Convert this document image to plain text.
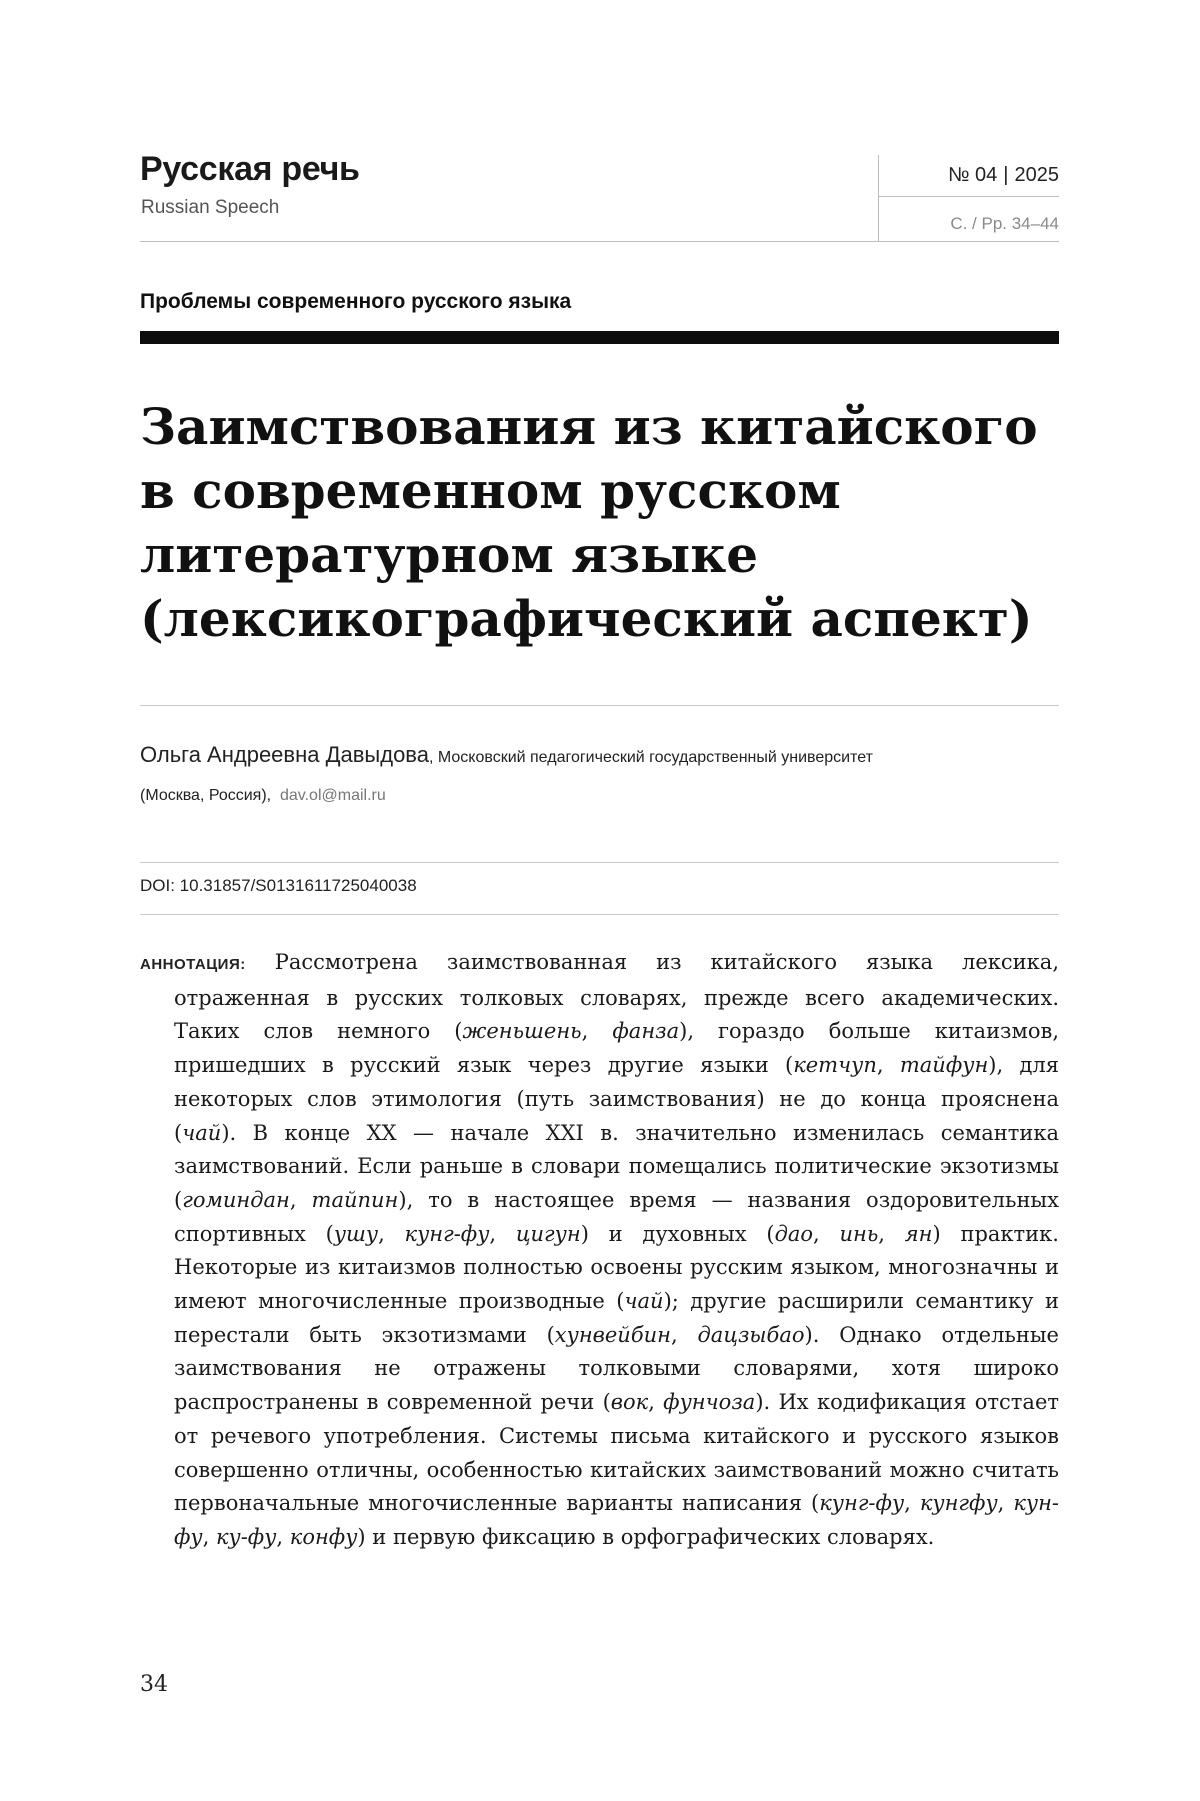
Русская речь
Russian Speech
№ 04 | 2025
С. / Pp. 34–44
Проблемы современного русского языка
Заимствования из китайского
в современном русском
литературном языке
(лексикографический аспект)
Ольга Андреевна Давыдова, Московский педагогический государственный университет
(Москва, Россия), dav.ol@mail.ru
DOI: 10.31857/S0131611725040038
АННОТАЦИЯ: Рассмотрена заимствованная из китайского языка лексика, отраженная в русских толковых словарях, прежде всего академических. Таких слов немного (женьшень, фанза), гораздо больше китаизмов, пришедших в русский язык через другие языки (кетчуп, тайфун), для некоторых слов этимология (путь заимствования) не до конца прояснена (чай). В конце XX — начале XXI в. значительно изменилась семантика заимствований. Если раньше в словари помещались политические экзотизмы (гоминдан, тайпин), то в настоящее время — названия оздоровительных спортивных (ушу, кунг-фу, цигун) и духовных (дао, инь, ян) практик. Некоторые из китаизмов полностью освоены русским языком, многозначны и имеют многочисленные производные (чай); другие расширили семантику и перестали быть экзотизмами (хунвейбин, дацзыбао). Однако отдельные заимствования не отражены толковыми словарями, хотя широко распространены в современной речи (вок, фунчоза). Их кодификация отстает от речевого употребления. Системы письма китайского и русского языков совершенно отличны, особенностью китайских заимствований можно считать первоначальные многочисленные варианты написания (кунг-фу, кунгфу, кун-фу, ку-фу, конфу) и первую фиксацию в орфографических словарях.
34
